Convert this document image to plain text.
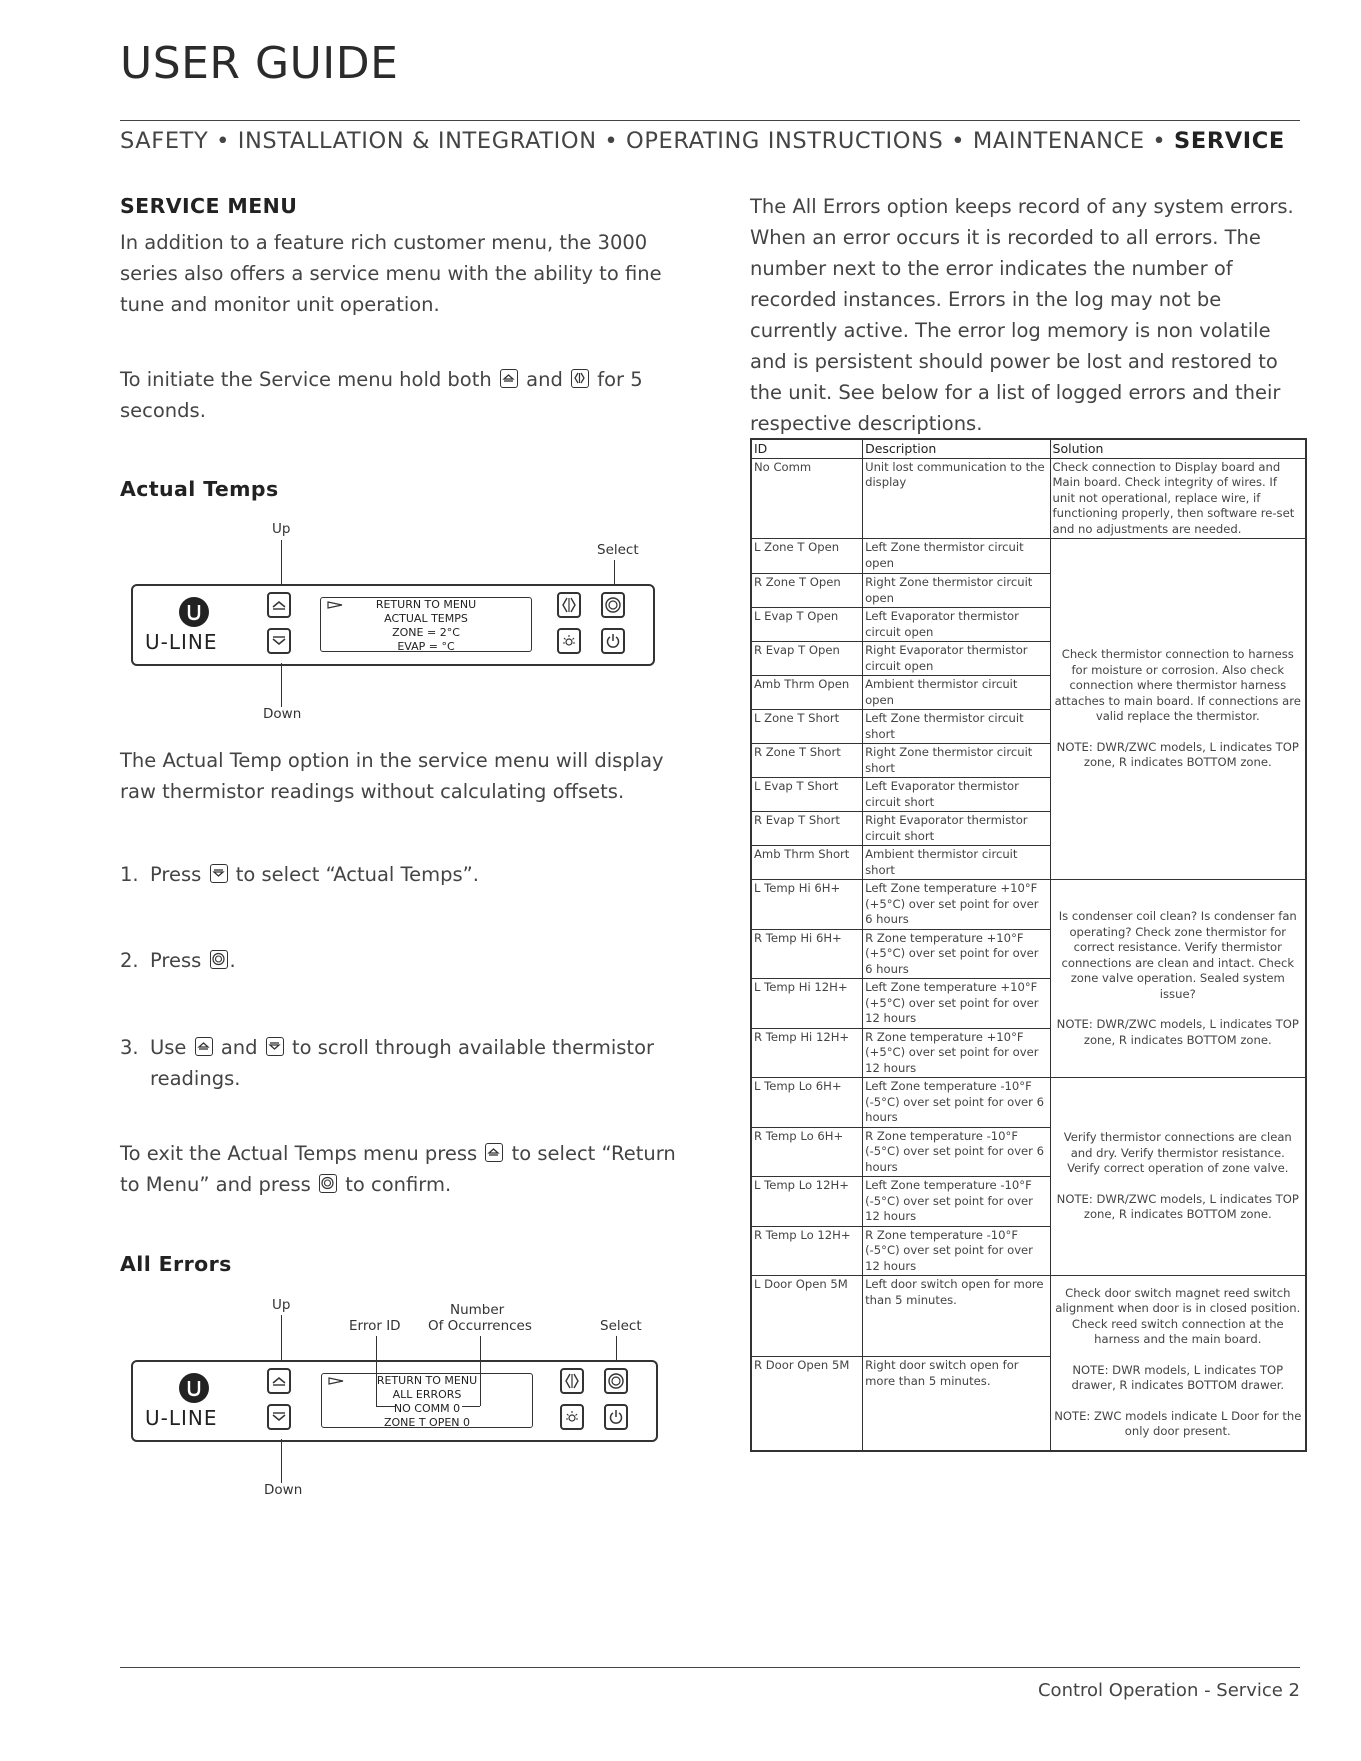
USER GUIDE
SAFETY • INSTALLATION & INTEGRATION • OPERATING INSTRUCTIONS • MAINTENANCE • SERVICE
SERVICE MENU
In addition to a feature rich customer menu, the 3000 series also offers a service menu with the ability to fine tune and monitor unit operation.
To initiate the Service menu hold both and for 5 seconds.
Actual Temps
Up
Select
U-LINE
RETURN TO MENU
ACTUAL TEMPS
ZONE = 2°C
EVAP = °C
Down
The Actual Temp option in the service menu will display raw thermistor readings without calculating offsets.
1. Press to select “Actual Temps”.
2. Press .
3. Use and to scroll through available thermistor readings.
To exit the Actual Temps menu press to select “Return to Menu” and press to confirm.
All Errors
Up	Number
Of Occurrences
Error ID	Select
U-LINE
RETURN TO MENU
ALL ERRORS
NO COMM 0
ZONE T OPEN 0
Down
The All Errors option keeps record of any system errors. When an error occurs it is recorded to all errors. The number next to the error indicates the number of recorded instances. Errors in the log may not be currently active. The error log memory is non volatile and is persistent should power be lost and restored to the unit. See below for a list of logged errors and their respective descriptions.
ID	Description	Solution
No Comm	Unit lost communication to the display	Check connection to Display board and Main board. Check integrity of wires. If unit not operational, replace wire, if functioning properly, then software re-set and no adjustments are needed.
L Zone T Open	Left Zone thermistor circuit open	Check thermistor connection to harness for moisture or corrosion. Also check connection where thermistor harness attaches to main board. If connections are valid replace the thermistor.
NOTE: DWR/ZWC models, L indicates TOP zone, R indicates BOTTOM zone.

R Zone T Open	Right Zone thermistor circuit open	
L Evap T Open	Left Evaporator thermistor circuit open	
R Evap T Open	Right Evaporator thermistor circuit open	
Amb Thrm Open	Ambient thermistor circuit open	
L Zone T Short	Left Zone thermistor circuit short	
R Zone T Short	Right Zone thermistor circuit short	
L Evap T Short	Left Evaporator thermistor circuit short	
R Evap T Short	Right Evaporator thermistor circuit short	
Amb Thrm Short	Ambient thermistor circuit short	
L Temp Hi 6H+	Left Zone temperature +10°F (+5°C) over set point for over 6 hours	Is condenser coil clean? Is condenser fan operating? Check zone thermistor for correct resistance. Verify thermistor connections are clean and intact. Check zone valve operation. Sealed system issue?
NOTE: DWR/ZWC models, L indicates TOP zone, R indicates BOTTOM zone.

R Temp Hi 6H+	R Zone temperature +10°F (+5°C) over set point for over 6 hours	
L Temp Hi 12H+	Left Zone temperature +10°F (+5°C) over set point for over 12 hours	
R Temp Hi 12H+	R Zone temperature +10°F (+5°C) over set point for over 12 hours	
L Temp Lo 6H+	Left Zone temperature -10°F (-5°C) over set point for over 6 hours	Verify thermistor connections are clean and dry. Verify thermistor resistance. Verify correct operation of zone valve.
NOTE: DWR/ZWC models, L indicates TOP zone, R indicates BOTTOM zone.

R Temp Lo 6H+	R Zone temperature -10°F (-5°C) over set point for over 6 hours	
L Temp Lo 12H+	Left Zone temperature -10°F (-5°C) over set point for over 12 hours	
R Temp Lo 12H+	R Zone temperature -10°F (-5°C) over set point for over 12 hours	
L Door Open 5M	Left door switch open for more than 5 minutes.	Check door switch magnet reed switch alignment when door is in closed position. Check reed switch connection at the harness and the main board.
NOTE: DWR models, L indicates TOP drawer, R indicates BOTTOM drawer.
NOTE: ZWC models indicate L Door for the only door present.

R Door Open 5M	Right door switch open for more than 5 minutes.	
Control Operation - Service 2
